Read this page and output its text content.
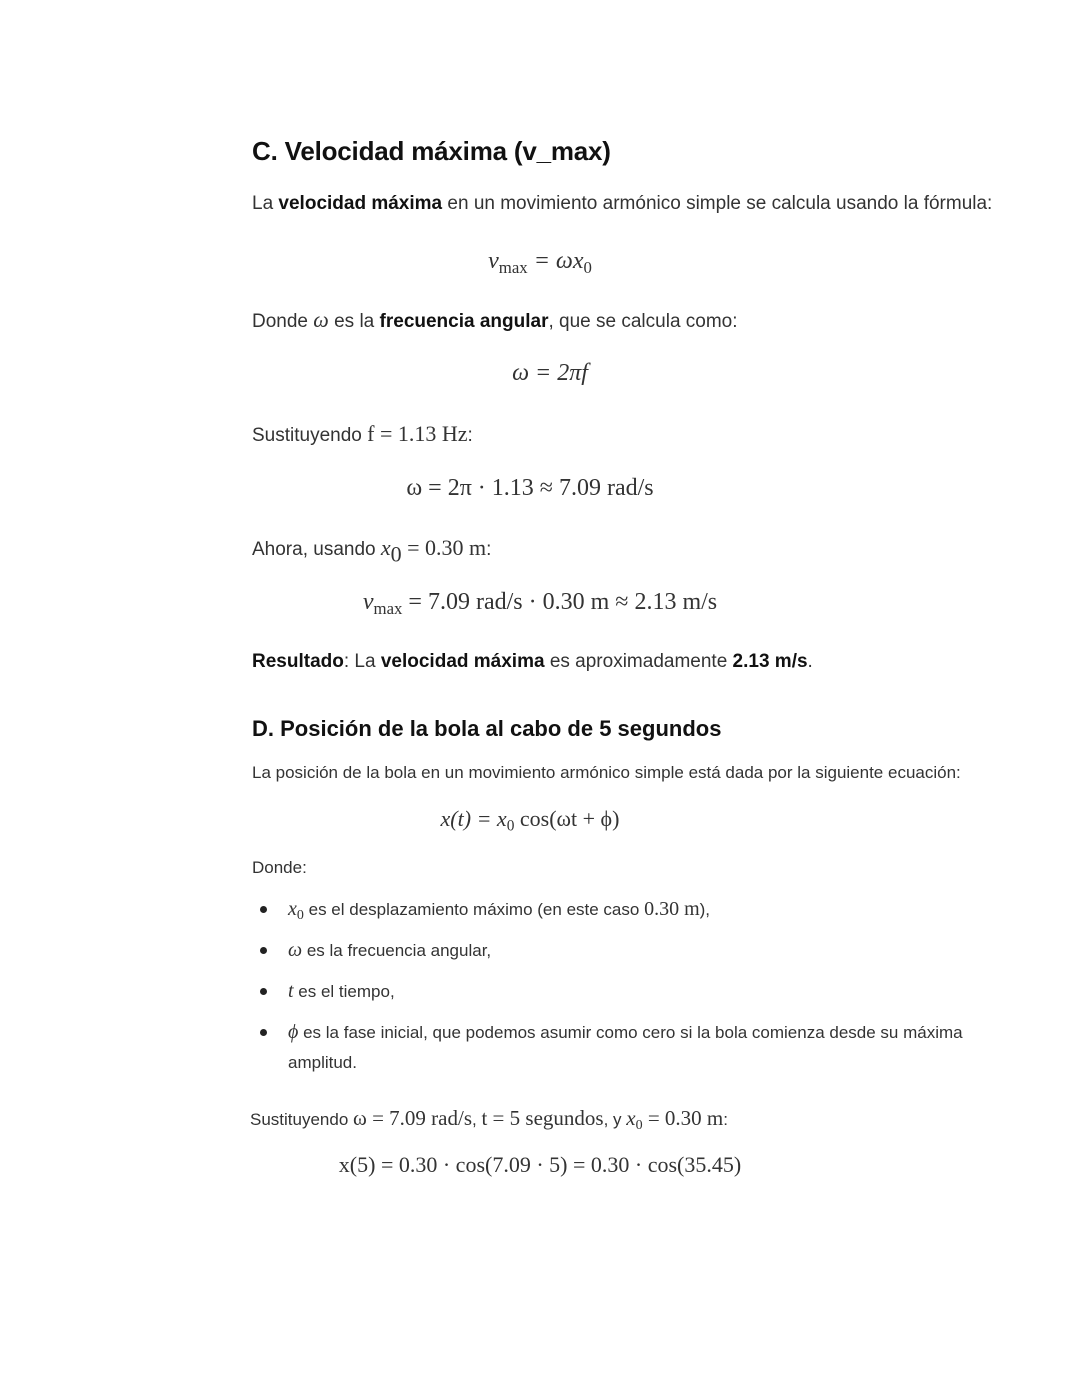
C. Velocidad máxima (v_max)
La velocidad máxima en un movimiento armónico simple se calcula usando la fórmula:
$v_{max} = \omega x_0$
Donde ω es la frecuencia angular, que se calcula como:
ω = 2πf
Sustituyendo f = 1.13 Hz:
ω = 2π · 1.13 ≈ 7.09 rad/s
Ahora, usando $x_0 = 0.30$ m:
$v_{max} = 7.09$ rad/s · 0.30 m ≈ 2.13 m/s
Resultado: La velocidad máxima es aproximadamente 2.13 m/s.
D. Posición de la bola al cabo de 5 segundos
La posición de la bola en un movimiento armónico simple está dada por la siguiente ecuación:
$x(t) = x_0$ cos(ωt + ϕ)
Donde:
$x_0$ es el desplazamiento máximo (en este caso 0.30 m),
ω es la frecuencia angular,
t es el tiempo,
ϕ es la fase inicial, que podemos asumir como cero si la bola comienza desde su máxima
amplitud.
Sustituyendo ω = 7.09 rad/s, t = 5 segundos, y $x_0 = 0.30$ m:
x(5) = 0.30 · cos(7.09 · 5) = 0.30 · cos(35.45)
